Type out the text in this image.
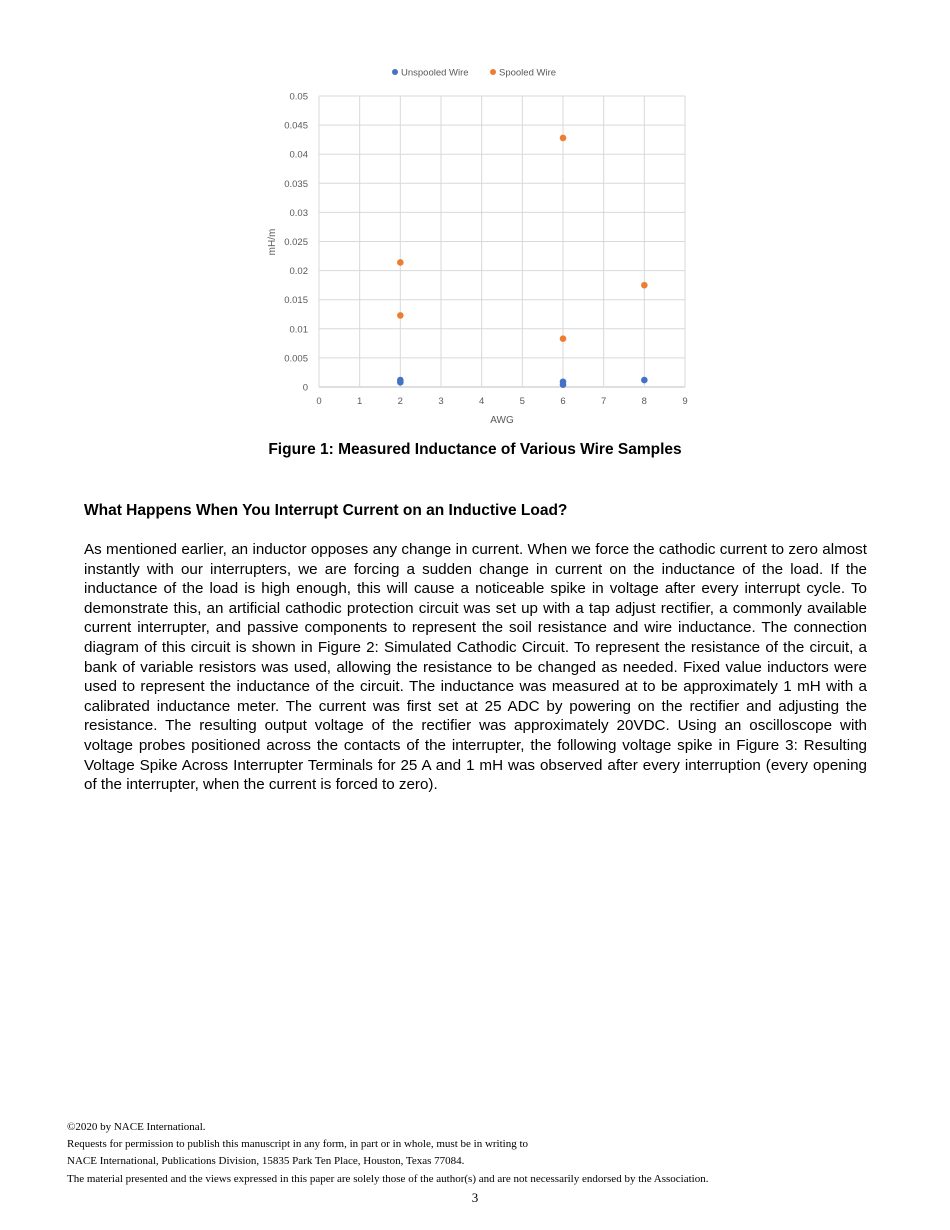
0
0.005
0.01
0.015
0.02
0.025
0.03
0.035
0.04
0.045
0.05
0	1	2	3	4	5	6	7	8	9
Unspooled Wire	Spooled Wire
AWG
mH/m
Figure 1: Measured Inductance of Various Wire Samples
What Happens When You Interrupt Current on an Inductive Load?

As mentioned earlier, an inductor opposes any change in current. When we force the cathodic current to zero almost instantly with our interrupters, we are forcing a sudden change in current on the inductance of the load. If the inductance of the load is high enough, this will cause a noticeable spike in voltage after every interrupt cycle. To demonstrate this, an artificial cathodic protection circuit was set up with a tap adjust rectifier, a commonly available current interrupter, and passive components to represent the soil resistance and wire inductance. The connection diagram of this circuit is shown in Figure 2: Simulated Cathodic Circuit. To represent the resistance of the circuit, a bank of variable resistors was used, allowing the resistance to be changed as needed. Fixed value inductors were used to represent the inductance of the circuit. The inductance was measured at to be approximately 1 mH with a calibrated inductance meter. The current was first set at 25 ADC by powering on the rectifier and adjusting the resistance. The resulting output voltage of the rectifier was approximately 20VDC. Using an oscilloscope with voltage probes positioned across the contacts of the interrupter, the following voltage spike in Figure 3: Resulting Voltage Spike Across Interrupter Terminals for 25 A and 1 mH was observed after every interruption (every opening of the interrupter, when the current is forced to zero).

©2020 by NACE International.
Requests for permission to publish this manuscript in any form, in part or in whole, must be in writing to
NACE International, Publications Division, 15835 Park Ten Place, Houston, Texas 77084.
The material presented and the views expressed in this paper are solely those of the author(s) and are not necessarily endorsed by the Association.
3
